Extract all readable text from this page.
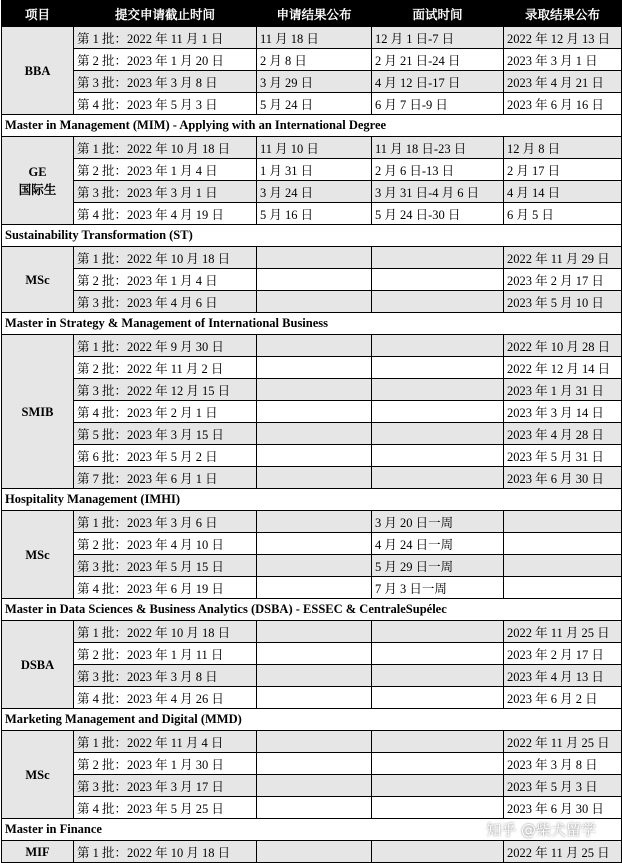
项目	提交申请截止时间	申请结果公布	面试时间	录取结果公布
BBA	第 1 批：2022 年 11 月 1 日	11 月 18 日	12 月 1 日-7 日	2022 年 12 月 13 日
	第 2 批：2023 年 1 月 20 日	2 月 8 日	2 月 21 日-24 日	2023 年 3 月 1 日
	第 3 批：2023 年 3 月 8 日	3 月 29 日	4 月 12 日-17 日	2023 年 4 月 21 日
	第 4 批：2023 年 5 月 3 日	5 月 24 日	6 月 7 日-9 日	2023 年 6 月 16 日
Master in Management (MIM) - Applying with an International Degree				
GE
国际生	第 1 批：2022 年 10 月 18 日	11 月 10 日	11 月 18 日-23 日	12 月 8 日
	第 2 批：2023 年 1 月 4 日	1 月 31 日	2 月 6 日-13 日	2 月 17 日
	第 3 批：2023 年 3 月 1 日	3 月 24 日	3 月 31 日-4 月 6 日	4 月 14 日
	第 4 批：2023 年 4 月 19 日	5 月 16 日	5 月 24 日-30 日	6 月 5 日
Sustainability Transformation (ST)				
MSc	第 1 批：2022 年 10 月 18 日			2022 年 11 月 29 日
	第 2 批：2023 年 1 月 4 日			2023 年 2 月 17 日
	第 3 批：2023 年 4 月 6 日			2023 年 5 月 10 日
Master in Strategy & Management of International Business				
SMIB	第 1 批：2022 年 9 月 30 日			2022 年 10 月 28 日
	第 2 批：2022 年 11 月 2 日			2022 年 12 月 14 日
	第 3 批：2022 年 12 月 15 日			2023 年 1 月 31 日
	第 4 批：2023 年 2 月 1 日			2023 年 3 月 14 日
	第 5 批：2023 年 3 月 15 日			2023 年 4 月 28 日
	第 6 批：2023 年 5 月 2 日			2023 年 5 月 31 日
	第 7 批：2023 年 6 月 1 日			2023 年 6 月 30 日
Hospitality Management (IMHI)				
MSc	第 1 批：2023 年 3 月 6 日		3 月 20 日一周	
	第 2 批：2023 年 4 月 10 日		4 月 24 日一周	
	第 3 批：2023 年 5 月 15 日		5 月 29 日一周	
	第 4 批：2023 年 6 月 19 日		7 月 3 日一周	
Master in Data Sciences & Business Analytics (DSBA) - ESSEC & CentraleSupélec				
DSBA	第 1 批：2022 年 10 月 18 日			2022 年 11 月 25 日
	第 2 批：2023 年 1 月 11 日			2023 年 2 月 17 日
	第 3 批：2023 年 3 月 8 日			2023 年 4 月 13 日
	第 4 批：2023 年 4 月 26 日			2023 年 6 月 2 日
Marketing Management and Digital (MMD)				
MSc	第 1 批：2022 年 11 月 4 日			2022 年 11 月 25 日
	第 2 批：2023 年 1 月 30 日			2023 年 3 月 8 日
	第 3 批：2023 年 3 月 17 日			2023 年 5 月 3 日
	第 4 批：2023 年 5 月 25 日			2023 年 6 月 30 日
Master in Finance				
MIF	第 1 批：2022 年 10 月 18 日			2022 年 11 月 25 日
知乎 @柴犬留学
